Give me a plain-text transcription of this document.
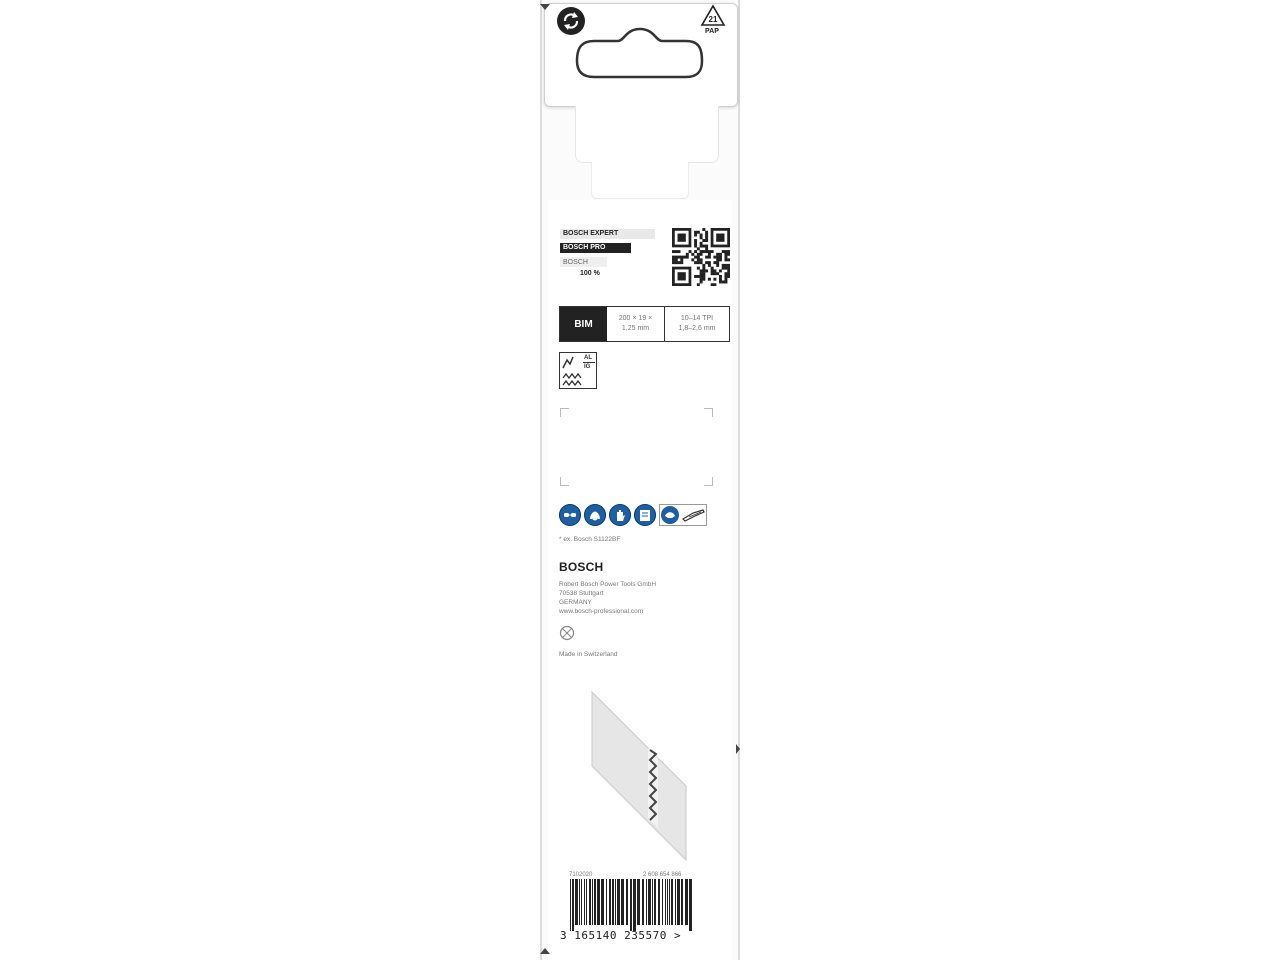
21
PAP
BOSCH EXPERT
BOSCH PRO
BOSCH
100 %
BIM	200 × 19 ×
1,25 mm
10–14 TPI
1,8–2,6 mm
AL
IG
* ex. Bosch S1122BF
BOSCH
Robert Bosch Power Tools GmbH
70538 Stuttgart
GERMANY
www.bosch-professional.com
Made in Switzerland
7102020	2 608 654 866
3 165140 235570 >
